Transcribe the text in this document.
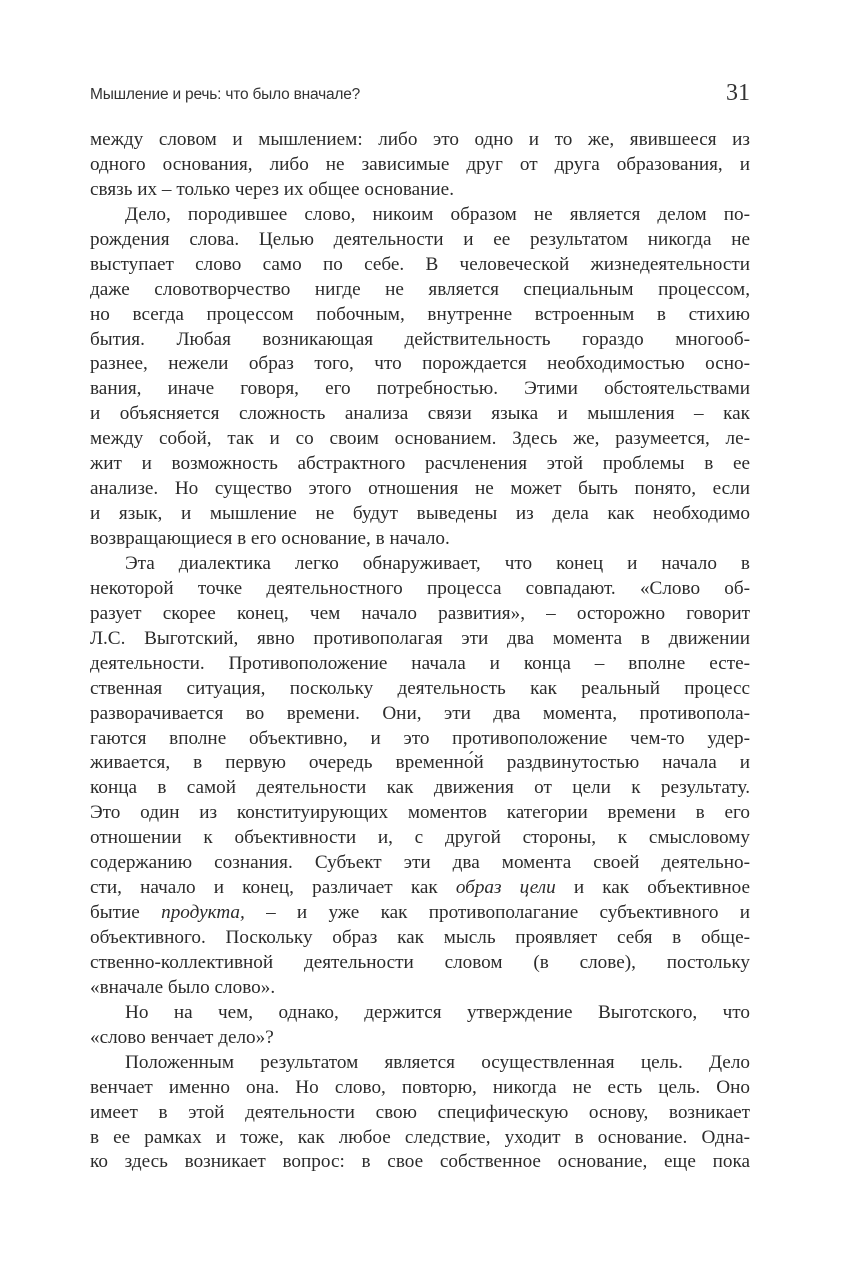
Мышление и речь: что было вначале?	31
между словом и мышлением: либо это одно и то же, явившееся из
одного основания, либо не зависимые друг от друга образования, и
связь их – только через их общее основание.
Дело, породившее слово, никоим образом не является делом по-
рождения слова. Целью деятельности и ее результатом никогда не
выступает слово само по себе. В человеческой жизнедеятельности
даже словотворчество нигде не является специальным процессом,
но всегда процессом побочным, внутренне встроенным в стихию
бытия. Любая возникающая действительность гораздо многооб-
разнее, нежели образ того, что порождается необходимостью осно-
вания, иначе говоря, его потребностью. Этими обстоятельствами
и объясняется сложность анализа связи языка и мышления – как
между собой, так и со своим основанием. Здесь же, разумеется, ле-
жит и возможность абстрактного расчленения этой проблемы в ее
анализе. Но существо этого отношения не может быть понято, если
и язык, и мышление не будут выведены из дела как необходимо
возвращающиеся в его основание, в начало.
Эта диалектика легко обнаруживает, что конец и начало в
некоторой точке деятельностного процесса совпадают. «Слово об-
разует скорее конец, чем начало развития», – осторожно говорит
Л.С. Выготский, явно противополагая эти два момента в движении
деятельности. Противоположение начала и конца – вполне есте-
ственная ситуация, поскольку деятельность как реальный процесс
разворачивается во времени. Они, эти два момента, противопола-
гаются вполне объективно, и это противоположение чем-то удер-
живается, в первую очередь временно́й раздвинутостью начала и
конца в самой деятельности как движения от цели к результату.
Это один из конституирующих моментов категории времени в его
отношении к объективности и, с другой стороны, к смысловому
содержанию сознания. Субъект эти два момента своей деятельно-
сти, начало и конец, различает как образ цели и как объективное
бытие продукта, – и уже как противополагание субъективного и
объективного. Поскольку образ как мысль проявляет себя в обще-
ственно-коллективной деятельности словом (в слове), постольку
«вначале было слово».
Но на чем, однако, держится утверждение Выготского, что
«слово венчает дело»?
Положенным результатом является осуществленная цель. Дело
венчает именно она. Но слово, повторю, никогда не есть цель. Оно
имеет в этой деятельности свою специфическую основу, возникает
в ее рамках и тоже, как любое следствие, уходит в основание. Одна-
ко здесь возникает вопрос: в свое собственное основание, еще пока
